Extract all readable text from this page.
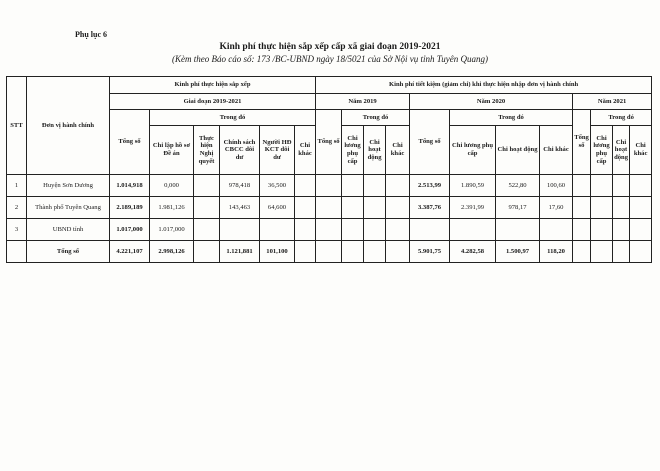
Phụ lục 6
Kinh phí thực hiện sắp xếp cấp xã giai đoạn 2019-2021
(Kèm theo Báo cáo số: 173 /BC-UBND ngày 18/5021 của Sở Nội vụ tỉnh Tuyên Quang)
STT	Đơn vị hành chính	Kinh phí thực hiện sắp xếp						Kinh phí tiết kiệm (giảm chi) khi thực hiện nhập đơn vị hành chính											
		Giai đoạn 2019-2021						Năm 2019				Năm 2020				Năm 2021			
		Tổng số	Trong đó					Tổng số	Trong đó			Tổng số	Trong đó			Tổng số	Trong đó		
			Chi lập hồ sơ Đề án	Thực hiện Nghị quyết	Chính sách CBCC dôi dư	Người HĐ KCT dôi dư	Chi khác		Chi lương phụ cấp	Chi hoạt động	Chi khác		Chi lương phụ cấp	Chi hoạt động	Chi khác		Chi lương phụ cấp	Chi hoạt động	Chi khác
1	Huyện Sơn Dương	1.014,918	0,000		978,418	36,500						2.513,99	1.890,59	522,80	100,60				
2	Thành phố Tuyên Quang	2.189,189	1.981,126		143,463	64,600						3.387,76	2.391,99	978,17	17,60				
3	UBND tỉnh	1.017,000	1.017,000																
	Tổng số	4.221,107	2.998,126		1.121,881	101,100						5.901,75	4.282,58	1.500,97	118,20				
